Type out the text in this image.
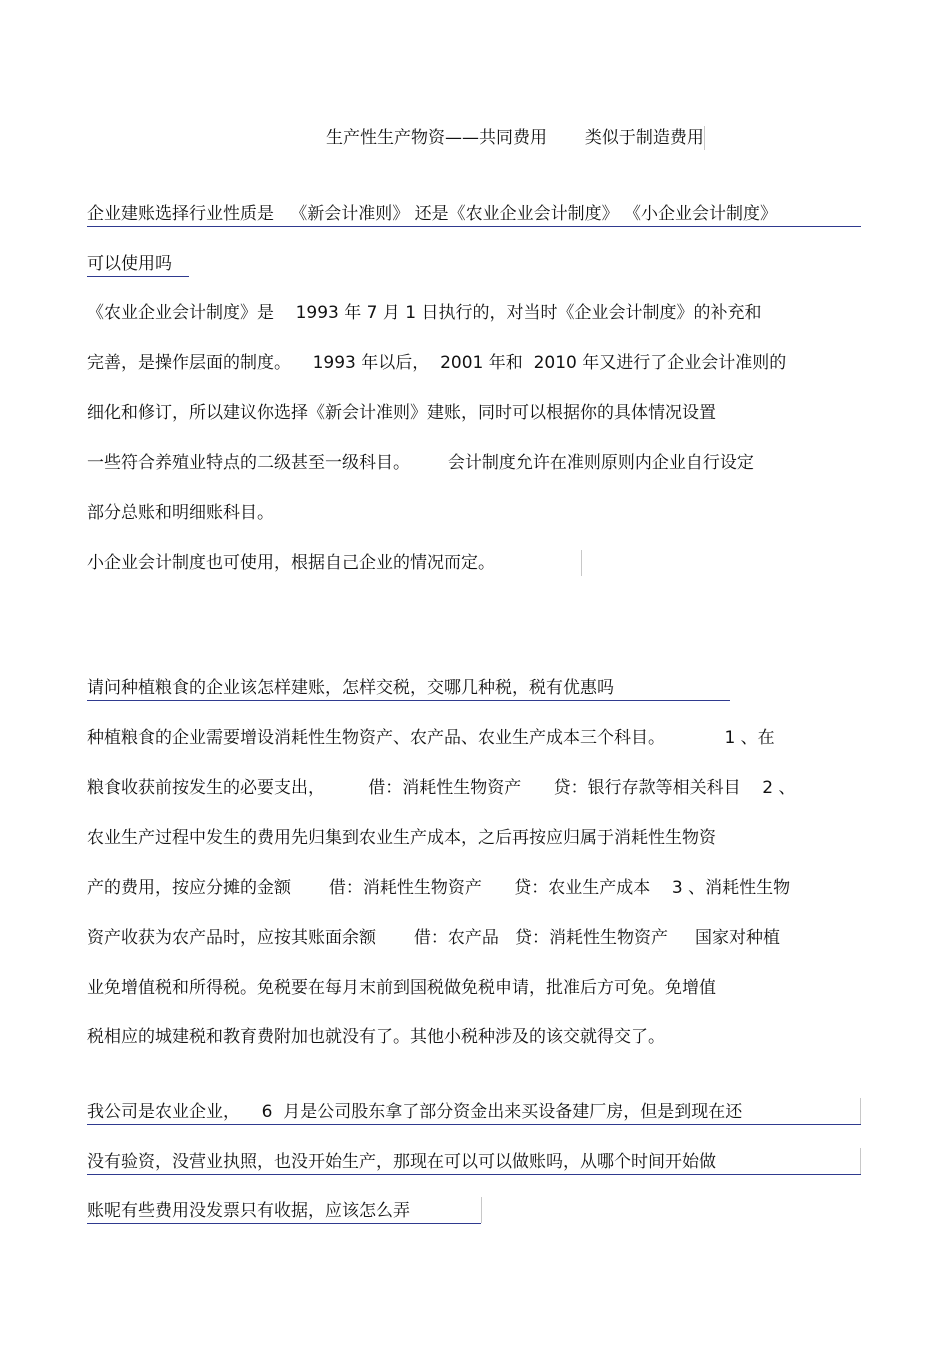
生产性生产物资——共同费用       类似于制造费用
企业建账选择行业性质是   《新会计准则》 还是《农业企业会计制度》 《小企业会计制度》
可以使用吗
《农业企业会计制度》是    1993 年 7 月 1 日执行的，对当时《企业会计制度》的补充和
完善，是操作层面的制度。    1993 年以后，  2001 年和  2010 年又进行了企业会计准则的
细化和修订，所以建议你选择《新会计准则》建账，同时可以根据你的具体情况设置
一些符合养殖业特点的二级甚至一级科目。       会计制度允许在准则原则内企业自行设定
部分总账和明细账科目。
小企业会计制度也可使用，根据自己企业的情况而定。
请问种植粮食的企业该怎样建账，怎样交税，交哪几种税，税有优惠吗
种植粮食的企业需要增设消耗性生物资产、农产品、农业生产成本三个科目。           1 、在
粮食收获前按发生的必要支出，        借：消耗性生物资产      贷：银行存款等相关科目    2 、
农业生产过程中发生的费用先归集到农业生产成本，之后再按应归属于消耗性生物资
产的费用，按应分摊的金额       借：消耗性生物资产      贷：农业生产成本    3 、消耗性生物
资产收获为农产品时，应按其账面余额       借：农产品   贷：消耗性生物资产     国家对种植
业免增值税和所得税。免税要在每月末前到国税做免税申请，批准后方可免。免增值
税相应的城建税和教育费附加也就没有了。其他小税种涉及的该交就得交了。
我公司是农业企业，    6  月是公司股东拿了部分资金出来买设备建厂房，但是到现在还
没有验资，没营业执照，也没开始生产，那现在可以可以做账吗，从哪个时间开始做
账呢有些费用没发票只有收据，应该怎么弄
